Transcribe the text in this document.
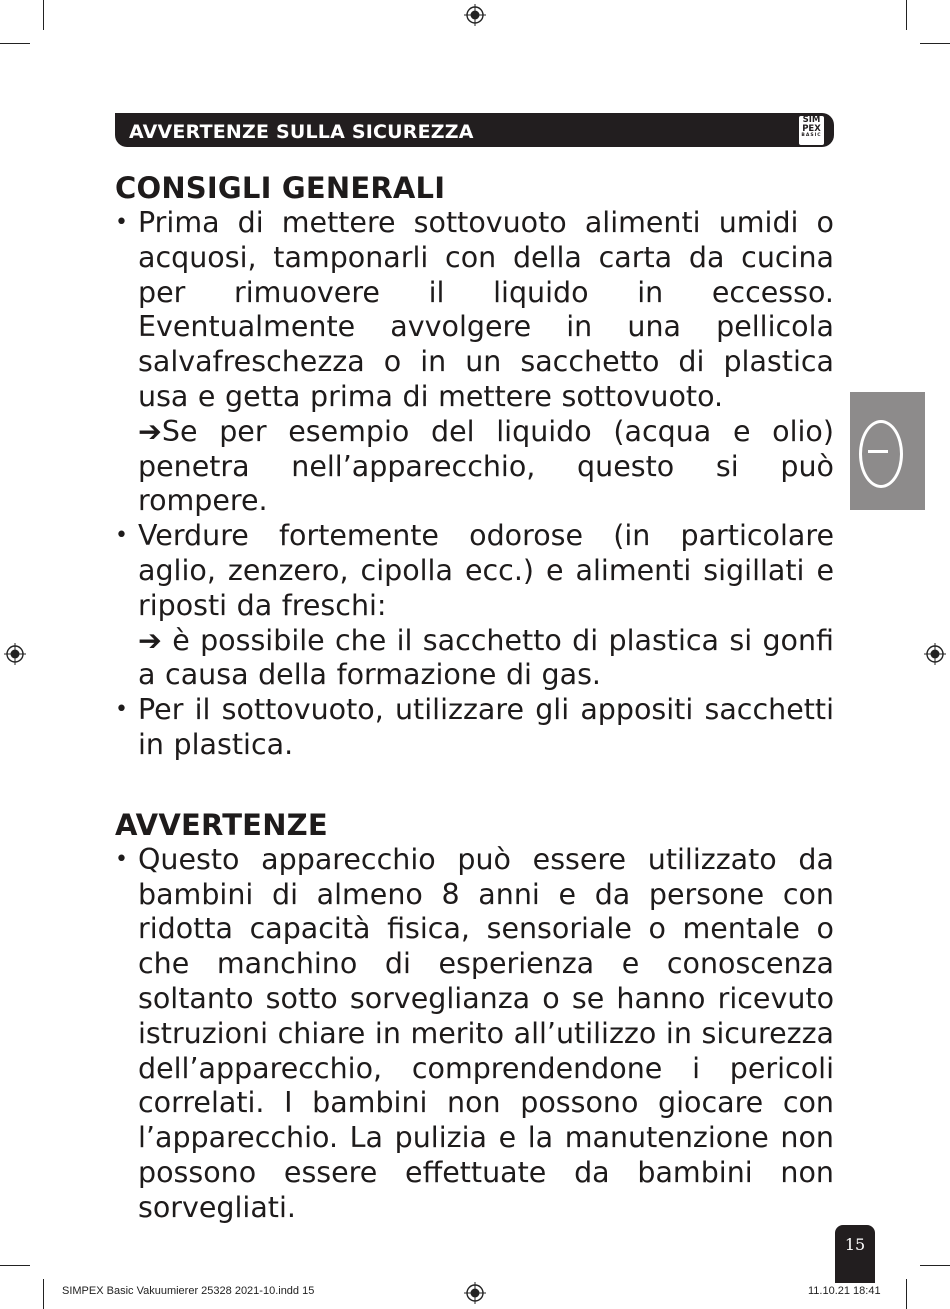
AVVERTENZE SULLA SICUREZZA
SIM
PEX
BASIC
CONSIGLI GENERALI
• Prima di mettere sottovuoto alimenti umidi o acquosi, tamponarli con della carta da cucina per rimuovere il liquido in eccesso. Eventualmente avvolgere in una pellicola salvafreschezza o in un sacchetto di plastica usa e getta prima di mettere sottovuoto.
➔Se per esempio del liquido (acqua e olio) penetra nell’apparecchio, questo si può rompere.
• Verdure fortemente odorose (in particolare aglio, zenzero, cipolla ecc.) e alimenti sigillati e riposti da freschi:
➔ è possibile che il sacchetto di plastica si gonfi a causa della formazione di gas.
• Per il sottovuoto, utilizzare gli appositi sacchetti in plastica.
AVVERTENZE
• Questo apparecchio può essere utilizzato da bambini di almeno 8 anni e da persone con ridotta capacità fisica, sensoriale o mentale o che manchino di esperienza e conoscenza soltanto sotto sorveglianza o se hanno ricevuto istruzioni chiare in merito all’utilizzo in sicurezza dell’apparecchio, comprendendone i pericoli correlati. I bambini non possono giocare con l’apparecchio. La pulizia e la manutenzione non possono essere effettuate da bambini non sorvegliati.
15
SIMPEX Basic Vakuumierer 25328 2021-10.indd 15	11.10.21 18:41
